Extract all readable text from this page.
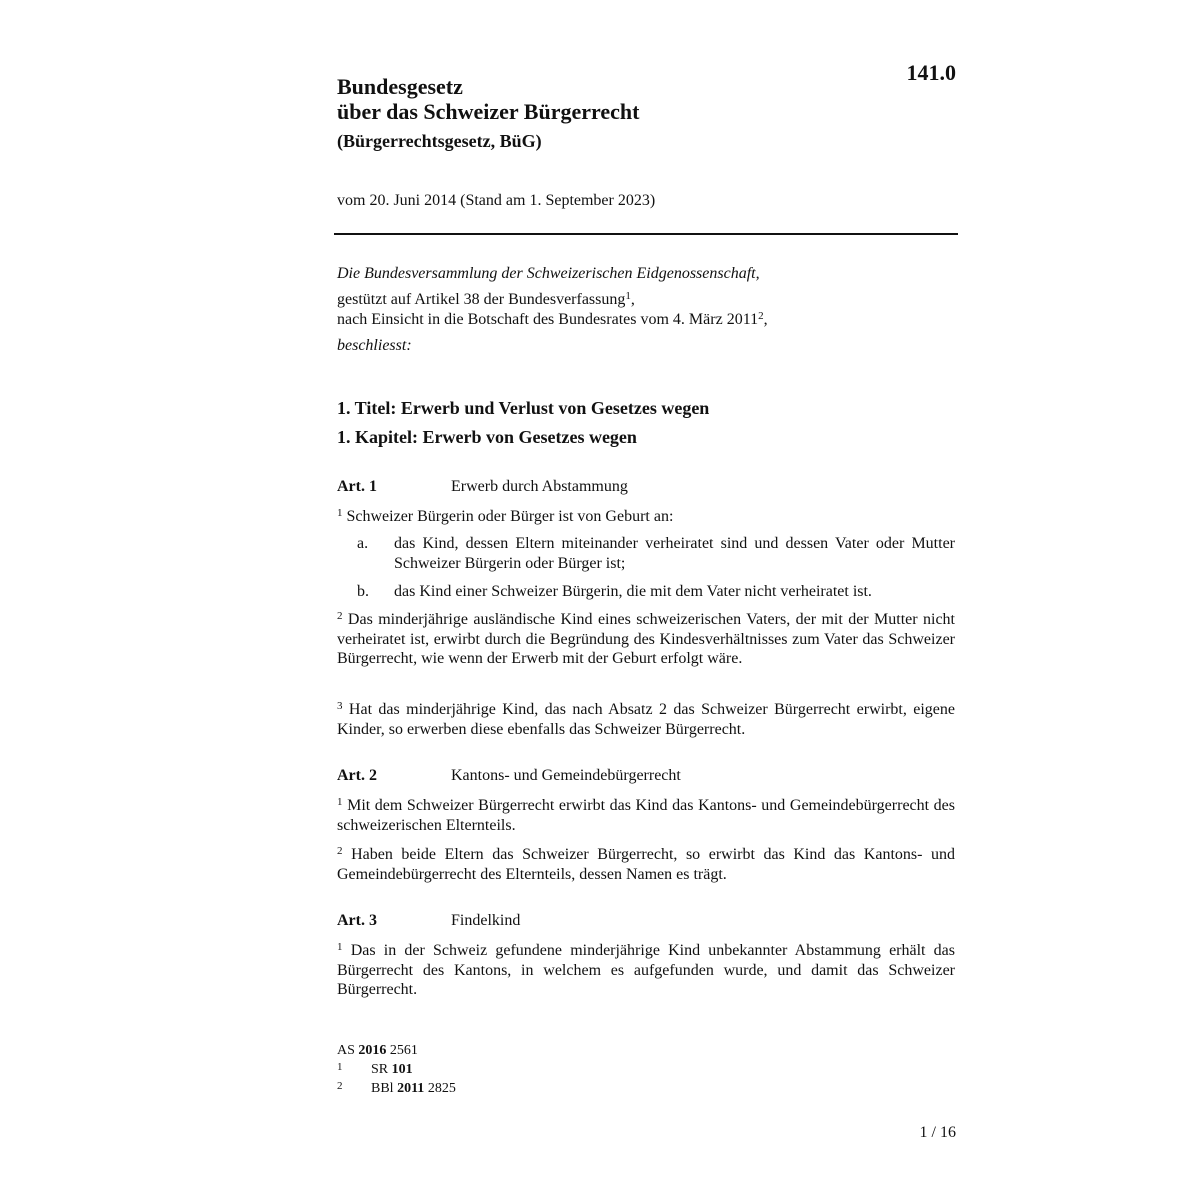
141.0
Bundesgesetz
über das Schweizer Bürgerrecht
(Bürgerrechtsgesetz, BüG)
vom 20. Juni 2014 (Stand am 1. September 2023)
Die Bundesversammlung der Schweizerischen Eidgenossenschaft,
gestützt auf Artikel 38 der Bundesverfassung$^1$,
nach Einsicht in die Botschaft des Bundesrates vom 4. März 2011$^2$,
beschliesst:
1. Titel: Erwerb und Verlust von Gesetzes wegen
1. Kapitel: Erwerb von Gesetzes wegen
Art. 1	Erwerb durch Abstammung
$^1$ Schweizer Bürgerin oder Bürger ist von Geburt an:
a. das Kind, dessen Eltern miteinander verheiratet sind und dessen Vater oder Mutter Schweizer Bürgerin oder Bürger ist;
b. das Kind einer Schweizer Bürgerin, die mit dem Vater nicht verheiratet ist.
$^2$ Das minderjährige ausländische Kind eines schweizerischen Vaters, der mit der Mutter nicht verheiratet ist, erwirbt durch die Begründung des Kindesverhältnisses zum Vater das Schweizer Bürgerrecht, wie wenn der Erwerb mit der Geburt erfolgt wäre.
$^3$ Hat das minderjährige Kind, das nach Absatz 2 das Schweizer Bürgerrecht erwirbt, eigene Kinder, so erwerben diese ebenfalls das Schweizer Bürgerrecht.
Art. 2	Kantons- und Gemeindebürgerrecht
$^1$ Mit dem Schweizer Bürgerrecht erwirbt das Kind das Kantons- und Gemeindebürgerrecht des schweizerischen Elternteils.
$^2$ Haben beide Eltern das Schweizer Bürgerrecht, so erwirbt das Kind das Kantons- und Gemeindebürgerrecht des Elternteils, dessen Namen es trägt.
Art. 3	Findelkind
$^1$ Das in der Schweiz gefundene minderjährige Kind unbekannter Abstammung erhält das Bürgerrecht des Kantons, in welchem es aufgefunden wurde, und damit das Schweizer Bürgerrecht.
AS 2016 2561
1 SR 101
2 BBl 2011 2825
1 / 16
